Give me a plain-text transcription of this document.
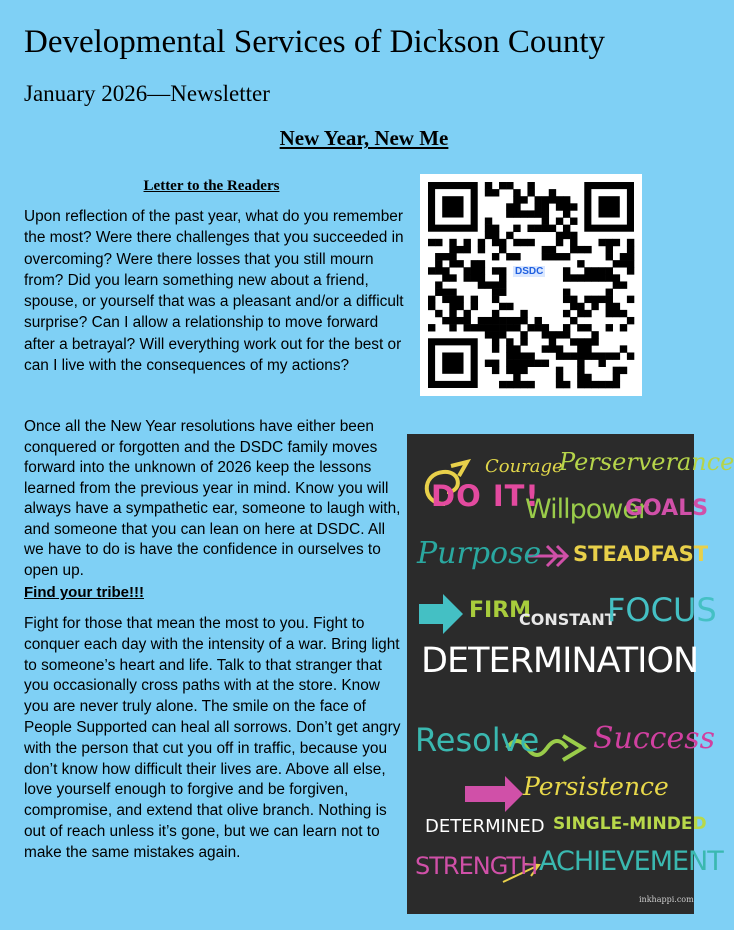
Developmental Services of Dickson County
January 2026—Newsletter
New Year, New Me
Letter to the Readers

Upon reflection of the past year, what do you remember the most? Were there challenges that you succeeded in overcoming? Were there losses that you still mourn from? Did you learn something new about a friend, spouse, or yourself that was a pleasant and/or a difficult surprise? Can I allow a relationship to move forward after a betrayal? Will everything work out for the best or can I live with the consequences of my actions?

Once all the New Year resolutions have either been conquered or forgotten and the DSDC family moves forward into the unknown of 2026 keep the lessons learned from the previous year in mind. Know you will always have a sympathetic ear, someone to laugh with, and someone that you can lean on here at DSDC. All we have to do is have the confidence in ourselves to open up.

Find your tribe!!!

Fight for those that mean the most to you. Fight to conquer each day with the intensity of a war. Bring light to someone’s heart and life. Talk to that stranger that you occasionally cross paths with at the store. Know you are never truly alone. The smile on the face of People Supported can heal all sorrows. Don’t get angry with the person that cut you off in traffic, because you don’t know how difficult their lives are. Above all else, love yourself enough to forgive and be forgiven, compromise, and extend that olive branch. Nothing is out of reach unless it’s gone, but we can learn not to make the same mistakes again.

DSDC
Courage
Perserverance
DO IT!
Willpower
GOALS
Purpose STEADFAST
FIRM
CONSTANT
FOCUS
DETERMINATION
Resolve Success
Persistence
DETERMINED SINGLE-MINDED
STRENGTH ACHIEVEMENT
inkhappi.com
